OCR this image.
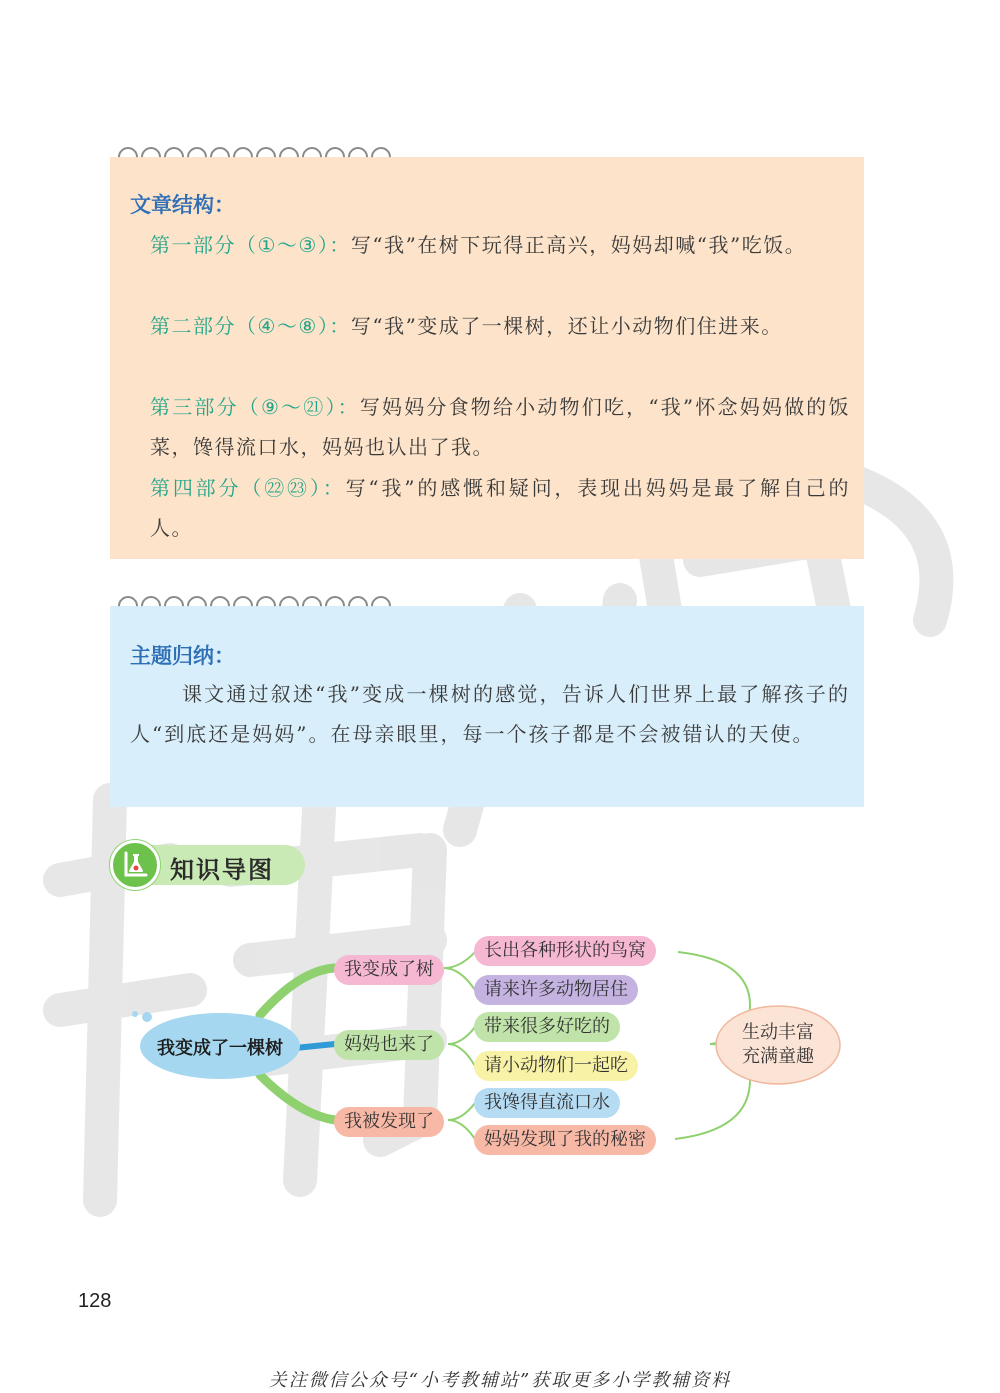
文章结构：

第一部分（①～③）：写“我”在树下玩得正高兴，妈妈却喊“我”吃饭。

第二部分（④～⑧）：写“我”变成了一棵树，还让小动物们住进来。

第三部分（⑨～㉑）：写妈妈分食物给小动物们吃，“我”怀念妈妈做的饭菜，馋得流口水，妈妈也认出了我。

第四部分（㉒㉓）：写“我”的感慨和疑问，表现出妈妈是最了解自己的人。

主题归纳：

课文通过叙述“我”变成一棵树的感觉，告诉人们世界上最了解孩子的人“到底还是妈妈”。在母亲眼里，每一个孩子都是不会被错认的天使。

知识导图
我变成了一棵树
我变成了树
妈妈也来了
我被发现了
长出各种形状的鸟窝
请来许多动物居住
带来很多好吃的
请小动物们一起吃
我馋得直流口水
妈妈发现了我的秘密
生动丰富
充满童趣
128
关注微信公众号“小考教辅站”获取更多小学教辅资料
